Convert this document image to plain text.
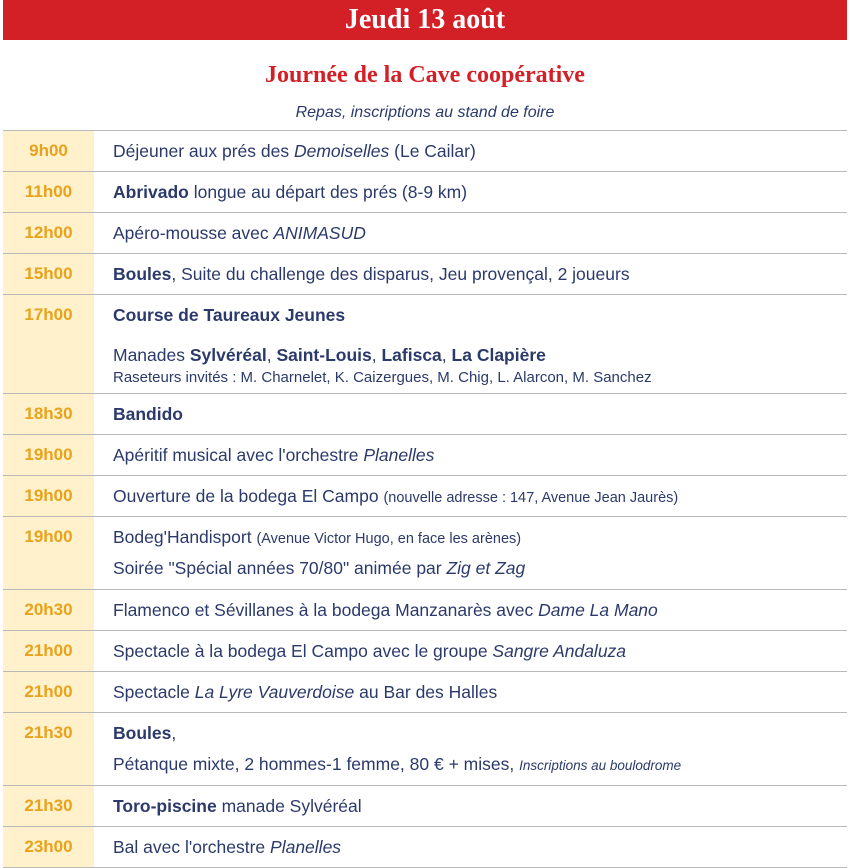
Jeudi 13 août
Journée de la Cave coopérative
Repas, inscriptions au stand de foire
9h00	Déjeuner aux prés des Demoiselles (Le Cailar)
11h00	Abrivado longue au départ des prés (8-9 km)
12h00	Apéro-mousse avec ANIMASUD
15h00	Boules, Suite du challenge des disparus, Jeu provençal, 2 joueurs
17h00	Course de Taureaux Jeunes
Manades Sylvéréal, Saint-Louis, Lafisca, La Clapière
Raseteurs invités : M. Charnelet, K. Caizergues, M. Chig, L. Alarcon, M. Sanchez
18h30	Bandido
19h00	Apéritif musical avec l'orchestre Planelles
19h00	Ouverture de la bodega El Campo (nouvelle adresse : 147, Avenue Jean Jaurès)
19h00	Bodeg'Handisport (Avenue Victor Hugo, en face les arènes)
Soirée "Spécial années 70/80" animée par Zig et Zag
20h30	Flamenco et Sévillanes à la bodega Manzanarès avec Dame La Mano
21h00	Spectacle à la bodega El Campo avec le groupe Sangre Andaluza
21h00	Spectacle La Lyre Vauverdoise au Bar des Halles
21h30	Boules,
Pétanque mixte, 2 hommes-1 femme, 80 € + mises, Inscriptions au boulodrome
21h30	Toro-piscine manade Sylvéréal
23h00	Bal avec l'orchestre Planelles
